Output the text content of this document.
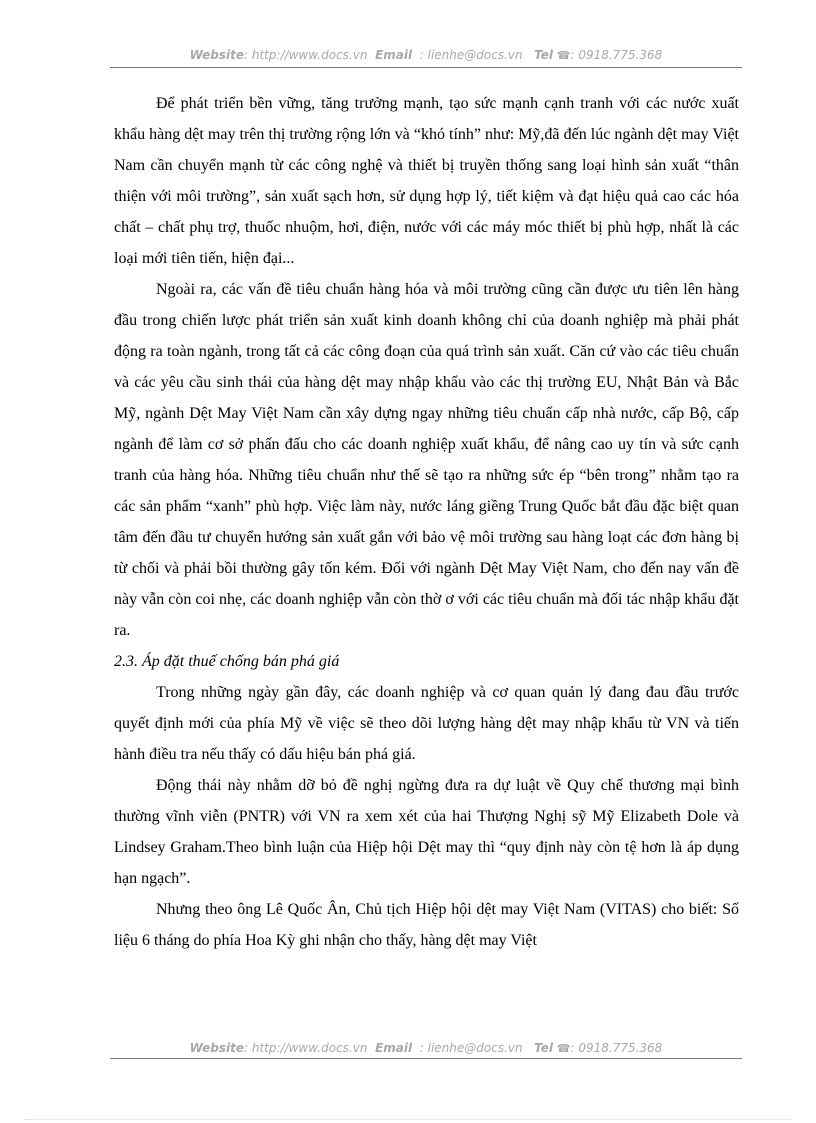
Website: http://www.docs.vn Email : lienhe@docs.vn Tel ☎: 0918.775.368

Để phát triển bền vững, tăng trưởng mạnh, tạo sức mạnh cạnh tranh với các nước xuất khẩu hàng dệt may trên thị trường rộng lớn và “khó tính” như: Mỹ,đã đến lúc ngành dệt may Việt Nam cần chuyển mạnh từ các công nghệ và thiết bị truyền thống sang loại hình sản xuất “thân thiện với môi trường”, sản xuất sạch hơn, sử dụng hợp lý, tiết kiệm và đạt hiệu quả cao các hóa chất – chất phụ trợ, thuốc nhuộm, hơi, điện, nước với các máy móc thiết bị phù hợp, nhất là các loại mới tiên tiến, hiện đại...

Ngoài ra, các vấn đề tiêu chuẩn hàng hóa và môi trường cũng cần được ưu tiên lên hàng đầu trong chiến lược phát triển sản xuất kinh doanh không chỉ của doanh nghiệp mà phải phát động ra toàn ngành, trong tất cả các công đoạn của quá trình sản xuất. Căn cứ vào các tiêu chuẩn và các yêu cầu sinh thái của hàng dệt may nhập khẩu vào các thị trường EU, Nhật Bản và Bắc Mỹ, ngành Dệt May Việt Nam cần xây dựng ngay những tiêu chuẩn cấp nhà nước, cấp Bộ, cấp ngành để làm cơ sở phấn đấu cho các doanh nghiệp xuất khẩu, để nâng cao uy tín và sức cạnh tranh của hàng hóa. Những tiêu chuẩn như thế sẽ tạo ra những sức ép “bên trong” nhằm tạo ra các sản phẩm “xanh” phù hợp. Việc làm này, nước láng giềng Trung Quốc bắt đầu đặc biệt quan tâm đến đầu tư chuyển hướng sản xuất gắn với bảo vệ môi trường sau hàng loạt các đơn hàng bị từ chối và phải bồi thường gây tốn kém. Đối với ngành Dệt May Việt Nam, cho đến nay vấn đề này vẫn còn coi nhẹ, các doanh nghiệp vẫn còn thờ ơ với các tiêu chuẩn mà đối tác nhập khẩu đặt ra.

2.3. Áp đặt thuế chống bán phá giá

Trong những ngày gần đây, các doanh nghiệp và cơ quan quản lý đang đau đầu trước quyết định mới của phía Mỹ về việc sẽ theo dõi lượng hàng dệt may nhập khẩu từ VN và tiến hành điều tra nếu thấy có dấu hiệu bán phá giá.

Động thái này nhằm dỡ bỏ đề nghị ngừng đưa ra dự luật về Quy chế thương mại bình thường vĩnh viễn (PNTR) với VN ra xem xét của hai Thượng Nghị sỹ Mỹ Elizabeth Dole và Lindsey Graham.Theo bình luận của Hiệp hội Dệt may thì “quy định này còn tệ hơn là áp dụng hạn ngạch”.

Nhưng theo ông Lê Quốc Ân, Chủ tịch Hiệp hội dệt may Việt Nam (VITAS) cho biết: Số liệu 6 tháng do phía Hoa Kỳ ghi nhận cho thấy, hàng dệt may Việt

Website: http://www.docs.vn Email : lienhe@docs.vn Tel ☎: 0918.775.368
